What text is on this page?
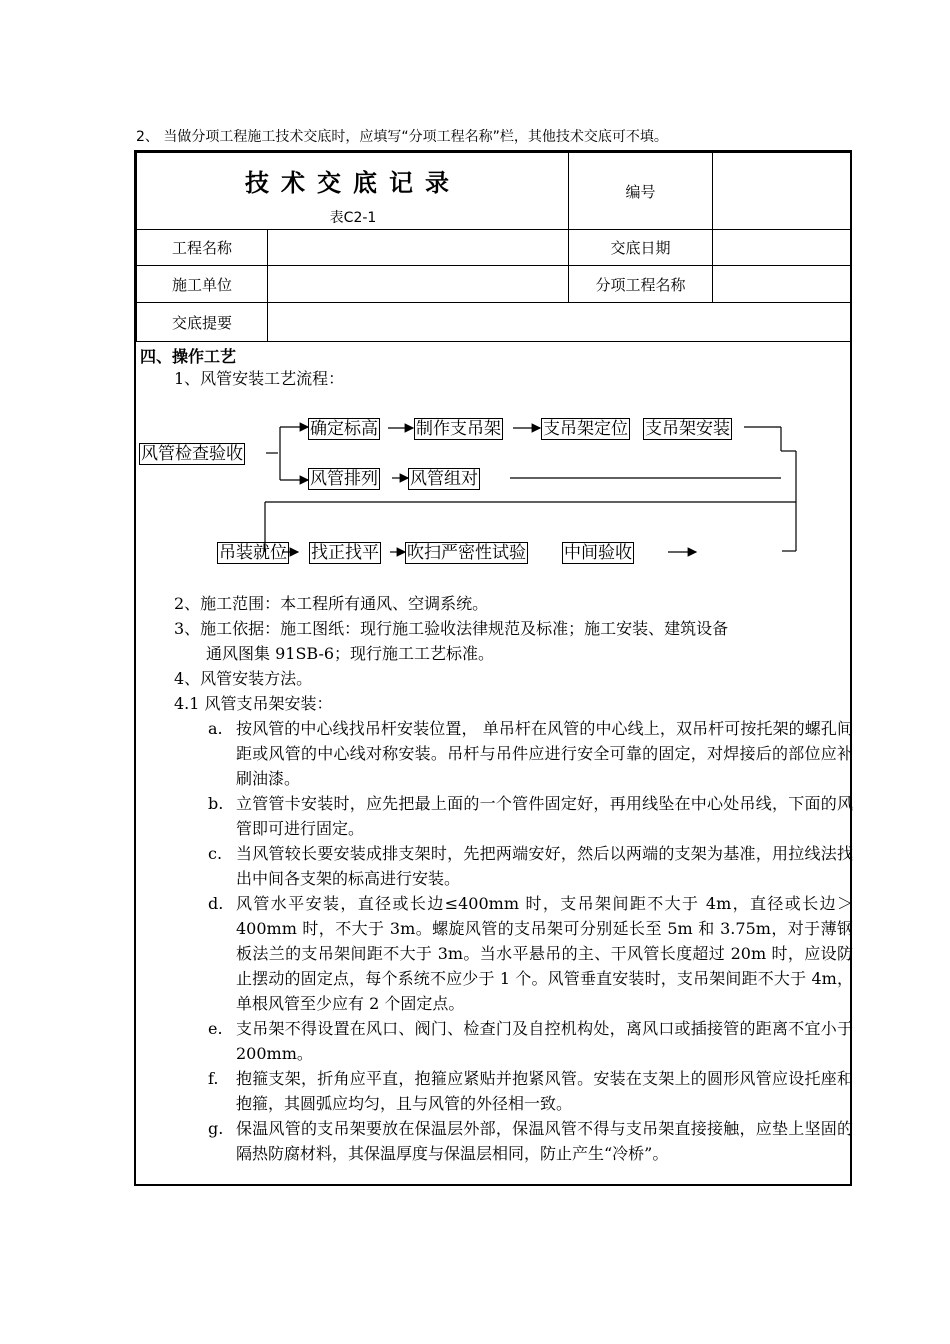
2、 当做分项工程施工技术交底时，应填写“分项工程名称”栏，其他技术交底可不填。
技术交底记录
表C2-1
编号
工程名称	交底日期
施工单位	分项工程名称
交底提要
四、操作工艺
1、风管安装工艺流程：
风管检查验收
确定标高 制作支吊架 支吊架定位 支吊架安装
风管排列 风管组对
吊装就位 找正找平 吹扫严密性试验 中间验收
2、施工范围：本工程所有通风、空调系统。
3、施工依据：施工图纸：现行施工验收法律规范及标准；施工安装、建筑设备
通风图集 91SB-6；现行施工工艺标准。
4、风管安装方法。
4.1 风管支吊架安装：
a. 按风管的中心线找吊杆安装位置， 单吊杆在风管的中心线上，双吊杆可按托架的螺孔间距或风管的中心线对称安装。吊杆与吊件应进行安全可靠的固定，对焊接后的部位应补刷油漆。
b. 立管管卡安装时，应先把最上面的一个管件固定好，再用线坠在中心处吊线，下面的风管即可进行固定。
c. 当风管较长要安装成排支架时，先把两端安好，然后以两端的支架为基准，用拉线法找出中间各支架的标高进行安装。
d. 风管水平安装，直径或长边≤400mm 时，支吊架间距不大于 4m，直径或长边＞400mm 时，不大于 3m。螺旋风管的支吊架可分别延长至 5m 和 3.75m，对于薄钢板法兰的支吊架间距不大于 3m。当水平悬吊的主、干风管长度超过 20m 时，应设防止摆动的固定点，每个系统不应少于 1 个。风管垂直安装时，支吊架间距不大于 4m，单根风管至少应有 2 个固定点。
e. 支吊架不得设置在风口、阀门、检查门及自控机构处，离风口或插接管的距离不宜小于 200mm。
f.	抱箍支架，折角应平直，抱箍应紧贴并抱紧风管。安装在支架上的圆形风管应设托座和抱箍，其圆弧应均匀，且与风管的外径相一致。
g. 保温风管的支吊架要放在保温层外部，保温风管不得与支吊架直接接触，应垫上坚固的隔热防腐材料，其保温厚度与保温层相同，防止产生“冷桥”。
